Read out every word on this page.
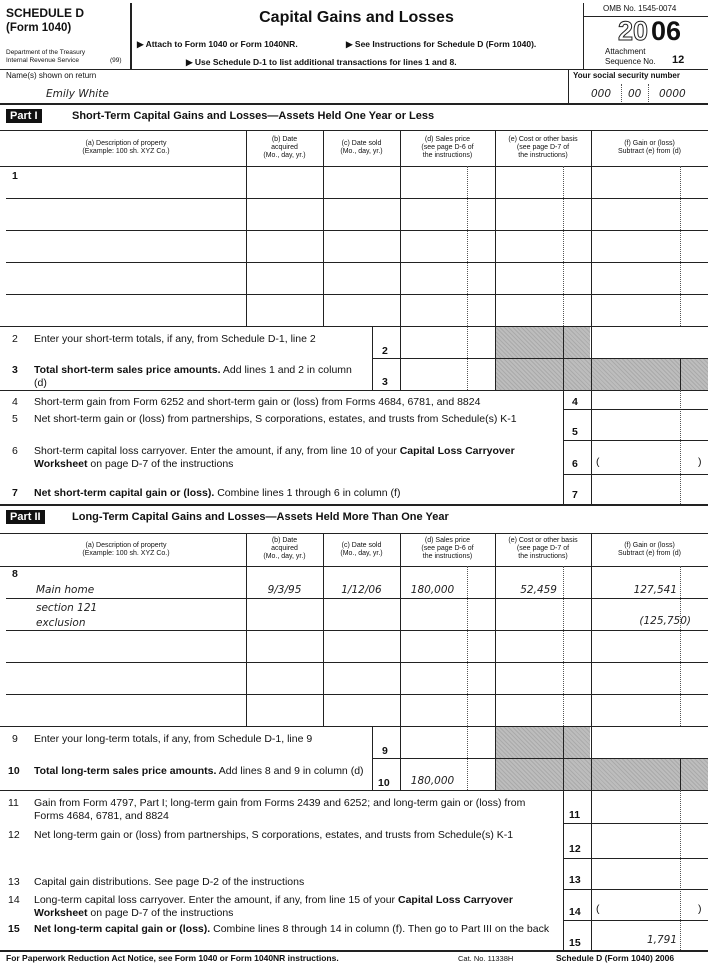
SCHEDULE D
(Form 1040)
Department of the Treasury
Internal Revenue Service	(99)
Capital Gains and Losses
▶ Attach to Form 1040 or Form 1040NR.	▶ See Instructions for Schedule D (Form 1040).
▶ Use Schedule D-1 to list additional transactions for lines 1 and 8.
OMB No. 1545-0074
20 06
Attachment
Sequence No. 12
Name(s) shown on return
Emily White
Your social security number
000 00 0000
Part I	Short-Term Capital Gains and Losses—Assets Held One Year or Less
(a) Description of property
(Example: 100 sh. XYZ Co.)
(b) Date
acquired
(Mo., day, yr.)
(c) Date sold
(Mo., day, yr.)
(d) Sales price
(see page D-6 of
the instructions)
(e) Cost or other basis
(see page D-7 of
the instructions)
(f) Gain or (loss)
Subtract (e) from (d)
1
2 Enter your short-term totals, if any, from Schedule D-1, line 2
3 Total short-term sales price amounts. Add lines 1 and 2 in column (d)
2
3
4 Short-term gain from Form 6252 and short-term gain or (loss) from Forms 4684, 6781, and 8824
5 Net short-term gain or (loss) from partnerships, S corporations, estates, and trusts from Schedule(s) K-1
6 Short-term capital loss carryover. Enter the amount, if any, from line 10 of your Capital Loss Carryover Worksheet on page D-7 of the instructions
7 Net short-term capital gain or (loss). Combine lines 1 through 6 in column (f)
4
5
6 (	)
7
Part II	Long-Term Capital Gains and Losses—Assets Held More Than One Year
(a) Description of property
(Example: 100 sh. XYZ Co.)
(b) Date
acquired
(Mo., day, yr.)
(c) Date sold
(Mo., day, yr.)
(d) Sales price
(see page D-6 of
the instructions)
(e) Cost or other basis
(see page D-7 of
the instructions)
(f) Gain or (loss)
Subtract (e) from (d)
8
Main home	9/3/95	1/12/06	180,000	52,459	127,541
section 121
exclusion	(125,750)
9 Enter your long-term totals, if any, from Schedule D-1, line 9
10 Total long-term sales price amounts. Add lines 8 and 9 in column (d)
9
10	180,000
11 Gain from Form 4797, Part I; long-term gain from Forms 2439 and 6252; and long-term gain or (loss) from Forms 4684, 6781, and 8824
12 Net long-term gain or (loss) from partnerships, S corporations, estates, and trusts from Schedule(s) K-1
13 Capital gain distributions. See page D-2 of the instructions
14 Long-term capital loss carryover. Enter the amount, if any, from line 15 of your Capital Loss Carryover Worksheet on page D-7 of the instructions
15 Net long-term capital gain or (loss). Combine lines 8 through 14 in column (f). Then go to Part III on the back
11
12
13
14 (	)
15	1,791
For Paperwork Reduction Act Notice, see Form 1040 or Form 1040NR instructions.	Cat. No. 11338H	Schedule D (Form 1040) 2006
